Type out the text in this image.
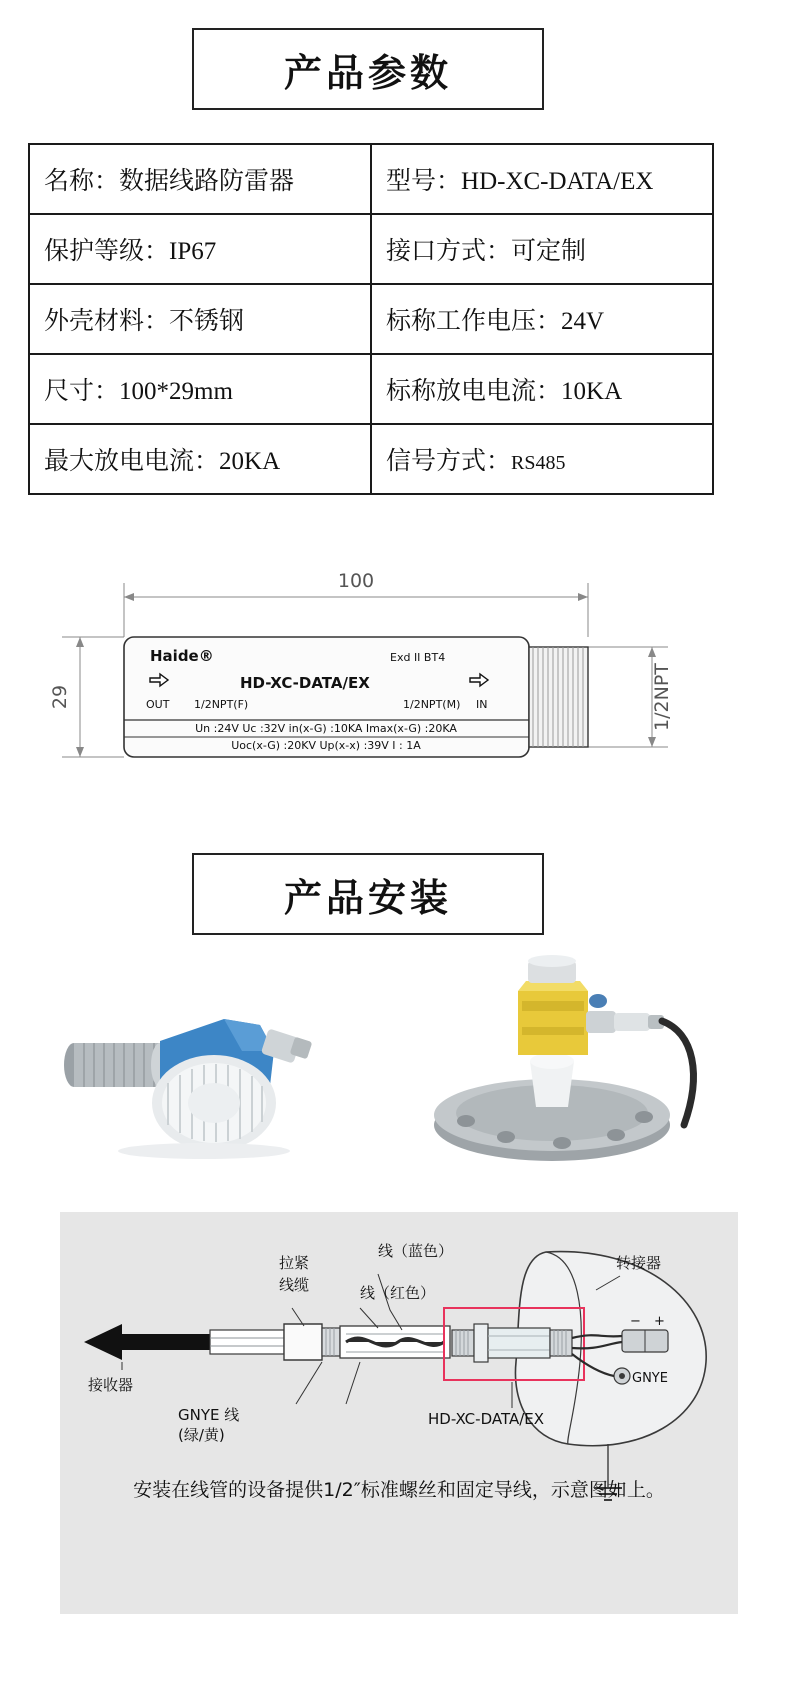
产品参数
名称：数据线路防雷器	型号：HD-XC-DATA/EX
保护等级：IP67	接口方式：可定制
外壳材料：不锈钢	标称工作电压：24V
尺寸：100*29mm	标称放电电流：10KA
最大放电电流：20KA	信号方式：RS485
100
29	1/2NPT
Haide®	Exd II BT4
HD-XC-DATA/EX
OUT 1/2NPT(F)	1/2NPT(M) IN
Un :24V Uc :32V in(x-G) :10KA Imax(x-G) :20KA
Uoc(x-G) :20KV Up(x-x) :39V I : 1A
产品安装
− +
GNYE
拉紧
线缆
线（蓝色）
线（红色）
转接器
接收器
GNYE 线
(绿/黄)
HD-XC-DATA/EX
安装在线管的设备提供1/2″标准螺丝和固定导线，示意图如上。
